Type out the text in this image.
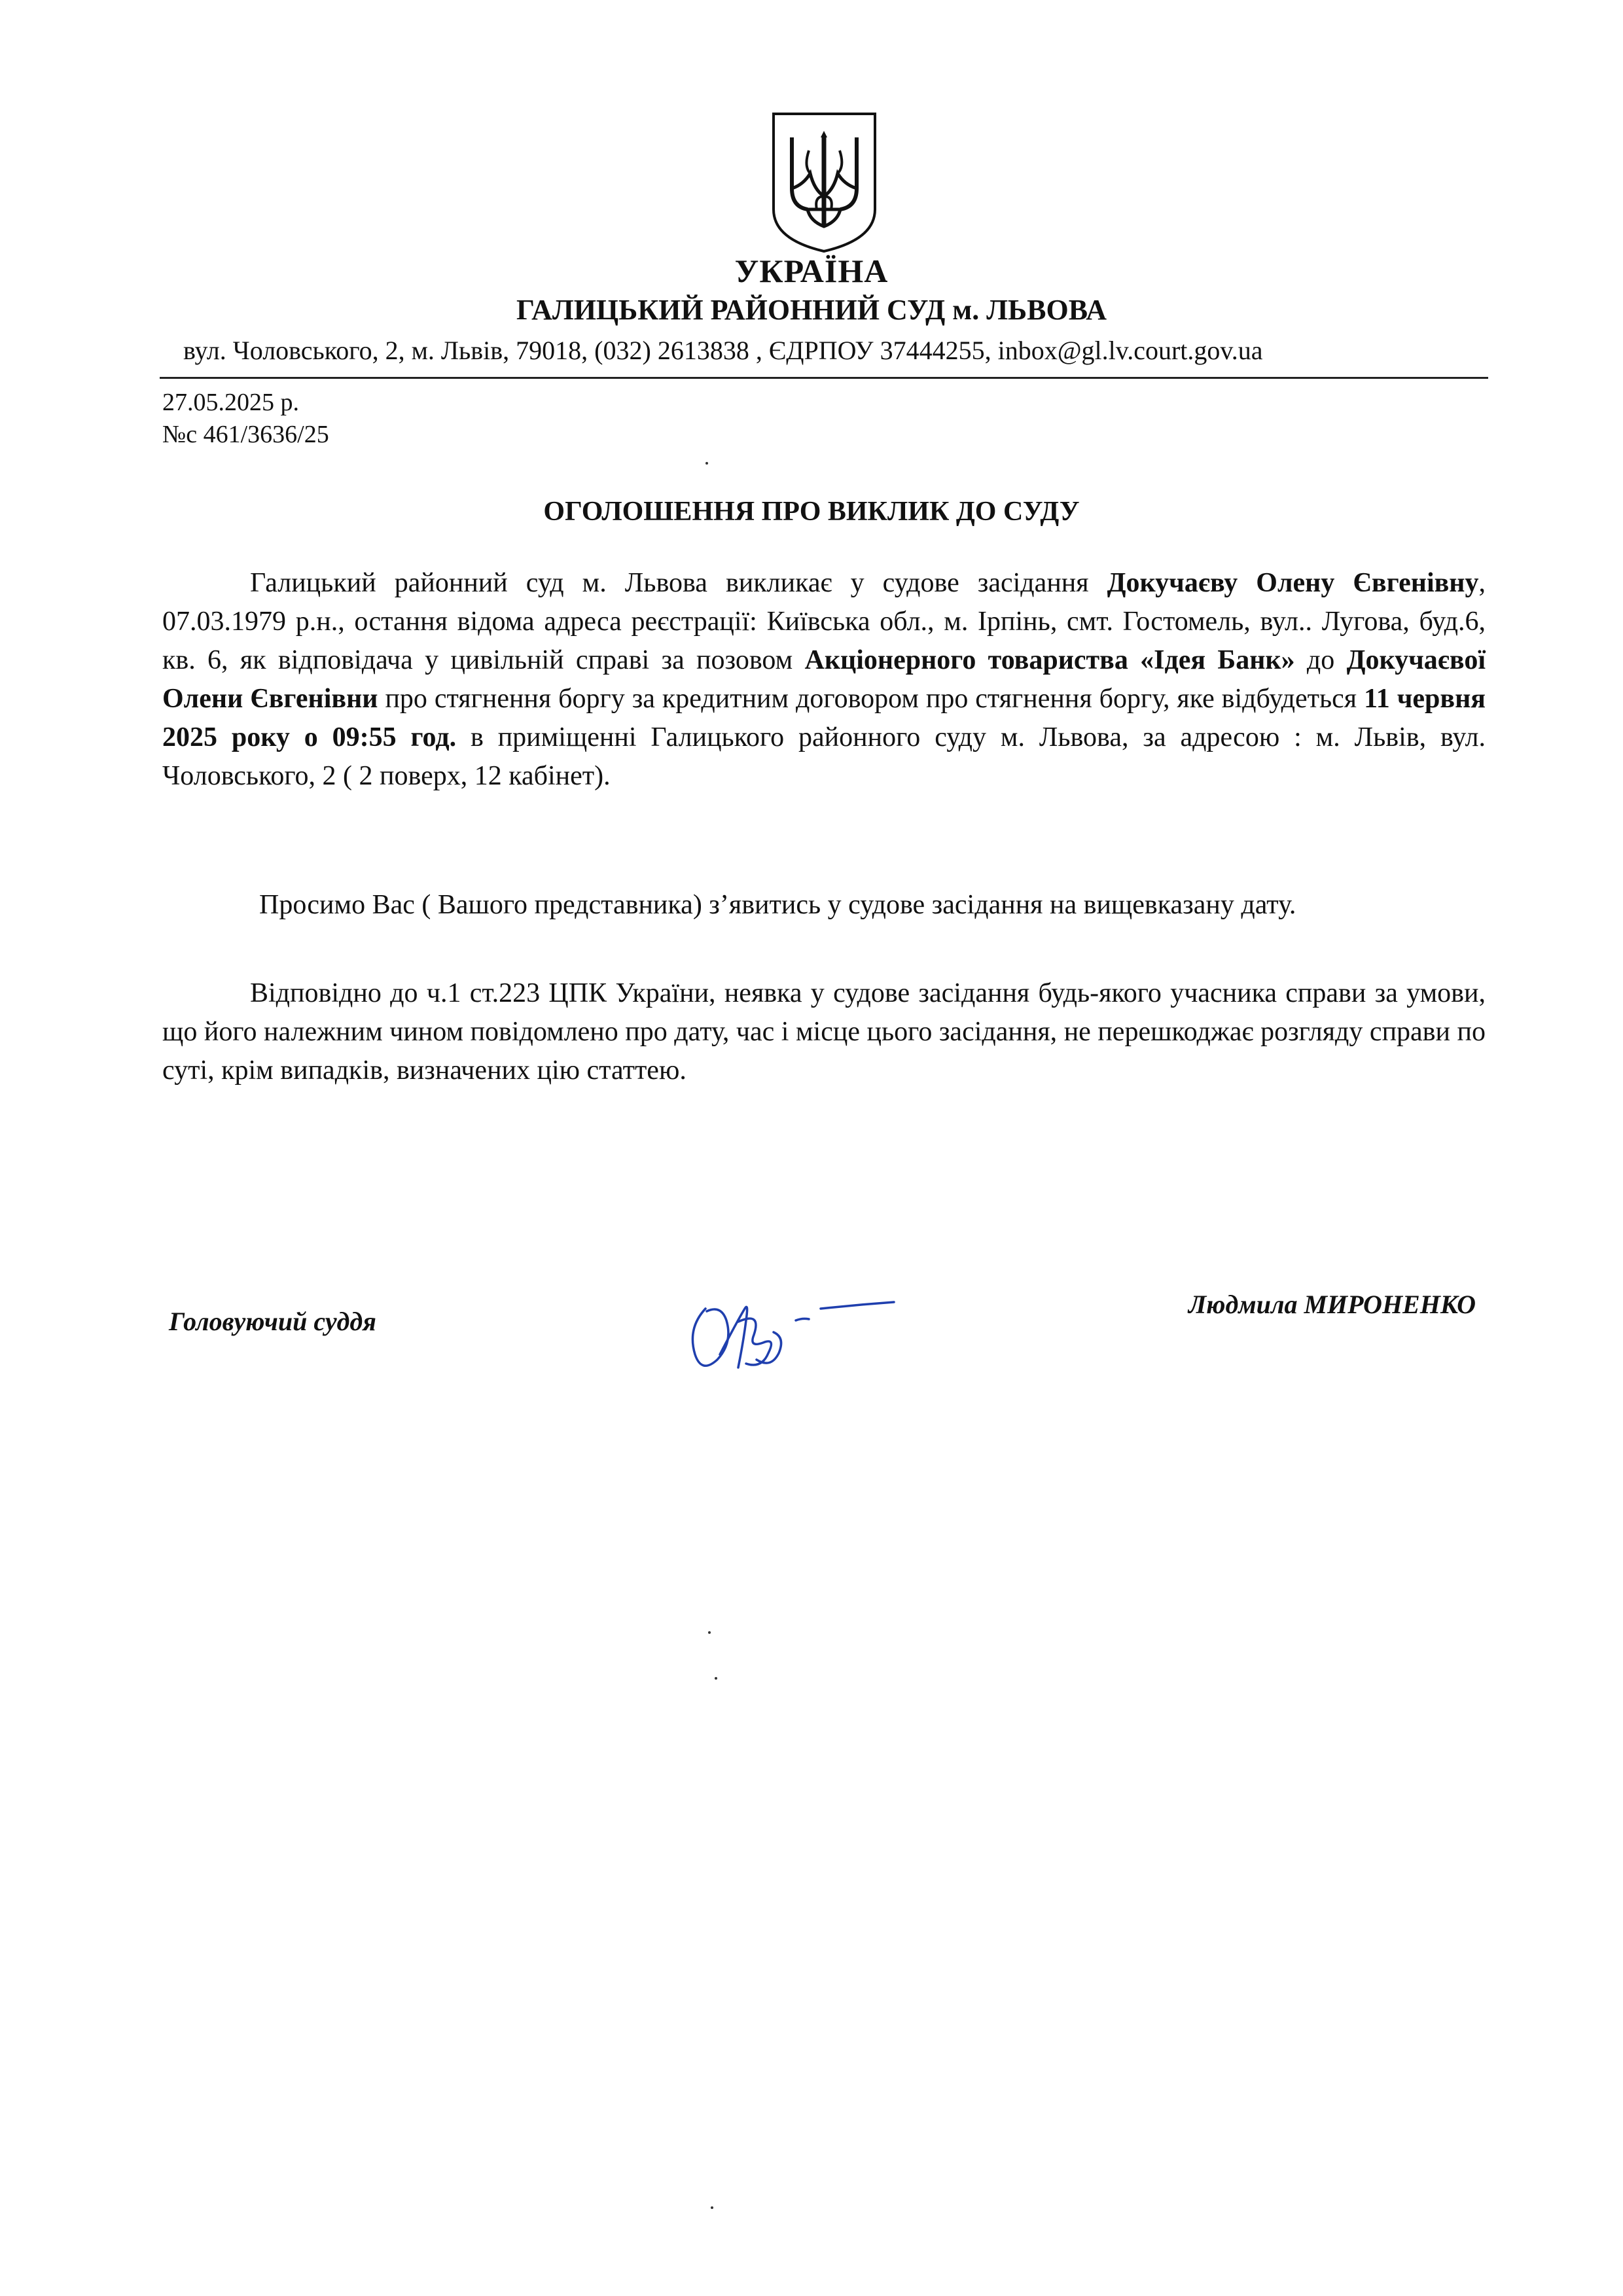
УКРАЇНА
ГАЛИЦЬКИЙ РАЙОННИЙ СУД м. ЛЬВОВА
вул. Чоловського, 2, м. Львів, 79018, (032) 2613838 , ЄДРПОУ 37444255, inbox@gl.lv.court.gov.ua
27.05.2025 р.
№с 461/3636/25
ОГОЛОШЕННЯ ПРО ВИКЛИК ДО СУДУ
Галицький районний суд м. Львова викликає у судове засідання Докучаєву Олену Євгенівну, 07.03.1979 р.н., остання відома адреса реєстрації: Київська обл., м. Ірпінь, смт. Гостомель, вул.. Лугова, буд.6, кв. 6, як відповідача у цивільній справі за позовом Акціонерного товариства «Ідея Банк» до Докучаєвої Олени Євгенівни про стягнення боргу за кредитним договором про стягнення боргу, яке відбудеться 11 червня 2025 року о 09:55 год. в приміщенні Галицького районного суду м. Львова, за адресою : м. Львів, вул. Чоловського, 2 ( 2 поверх, 12 кабінет).
Просимо Вас ( Вашого представника) з’явитись у судове засідання на вищевказану дату.
Відповідно до ч.1 ст.223 ЦПК України, неявка у судове засідання будь-якого учасника справи за умови, що його належним чином повідомлено про дату, час і місце цього засідання, не перешкоджає розгляду справи по суті, крім випадків, визначених цію статтею.
Головуючий суддя
Людмила МИРОНЕНКО
